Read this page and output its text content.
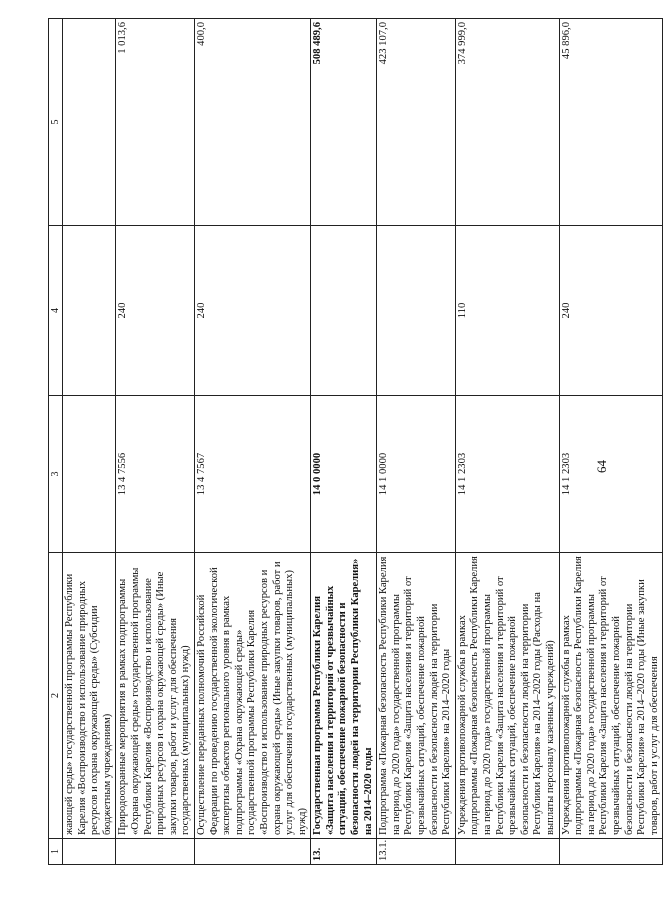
64
1	2	3	4	5
	жающей среды» государственной программы Республики Карелия «Воспроизводство и использование природных ресурсов и охрана окружающей среды» (Субсидии бюджетным учреждениям)			
	Природоохранные мероприятия в рамках подпрограммы «Охрана окружающей среды» государственной программы Республики Карелия «Воспроизводство и использование природных ресурсов и охрана окружающей среды» (Иные закупки товаров, работ и услуг для обеспечения государственных (муниципальных) нужд)	13 4 7556	240	1 013,6
	Осуществление переданных полномочий Российской Федерации по проведению государственной экологической экспертизы объектов регионального уровня в рамках подпрограммы «Охрана окружающей среды» государственной программы Республики Карелия «Воспроизводство и использование природных ресурсов и охрана окружающей среды» (Иные закупки товаров, работ и услуг для обеспечения государственных (муниципальных) нужд)	13 4 7567	240	400,0
13.	Государственная программа Республики Карелия «Защита населения и территорий от чрезвычайных ситуаций, обеспечение пожарной безопасности и безопасности людей на территории Республики Карелия» на 2014–2020 годы	14 0 0000		508 489,6
13.1.	Подпрограмма «Пожарная безопасность Республики Карелия на период до 2020 года» государственной программы Республики Карелия «Защита населения и территорий от чрезвычайных ситуаций, обеспечение пожарной безопасности и безопасности людей на территории Республики Карелия» на 2014–2020 годы	14 1 0000		423 107,0
	Учреждения противопожарной службы в рамках подпрограммы «Пожарная безопасность Республики Карелия на период до 2020 года» государственной программы Республики Карелия «Защита населения и территорий от чрезвычайных ситуаций, обеспечение пожарной безопасности и безопасности людей на территории Республики Карелия» на 2014–2020 годы (Расходы на выплаты персоналу казенных учреждений)	14 1 2303	110	374 999,0
	Учреждения противопожарной службы в рамках подпрограммы «Пожарная безопасность Республики Карелия на период до 2020 года» государственной программы Республики Карелия «Защита населения и территорий от чрезвычайных ситуаций, обеспечение пожарной безопасности и безопасности людей на территории Республики Карелия» на 2014–2020 годы (Иные закупки товаров, работ и услуг для обеспечения	14 1 2303	240	45 896,0
